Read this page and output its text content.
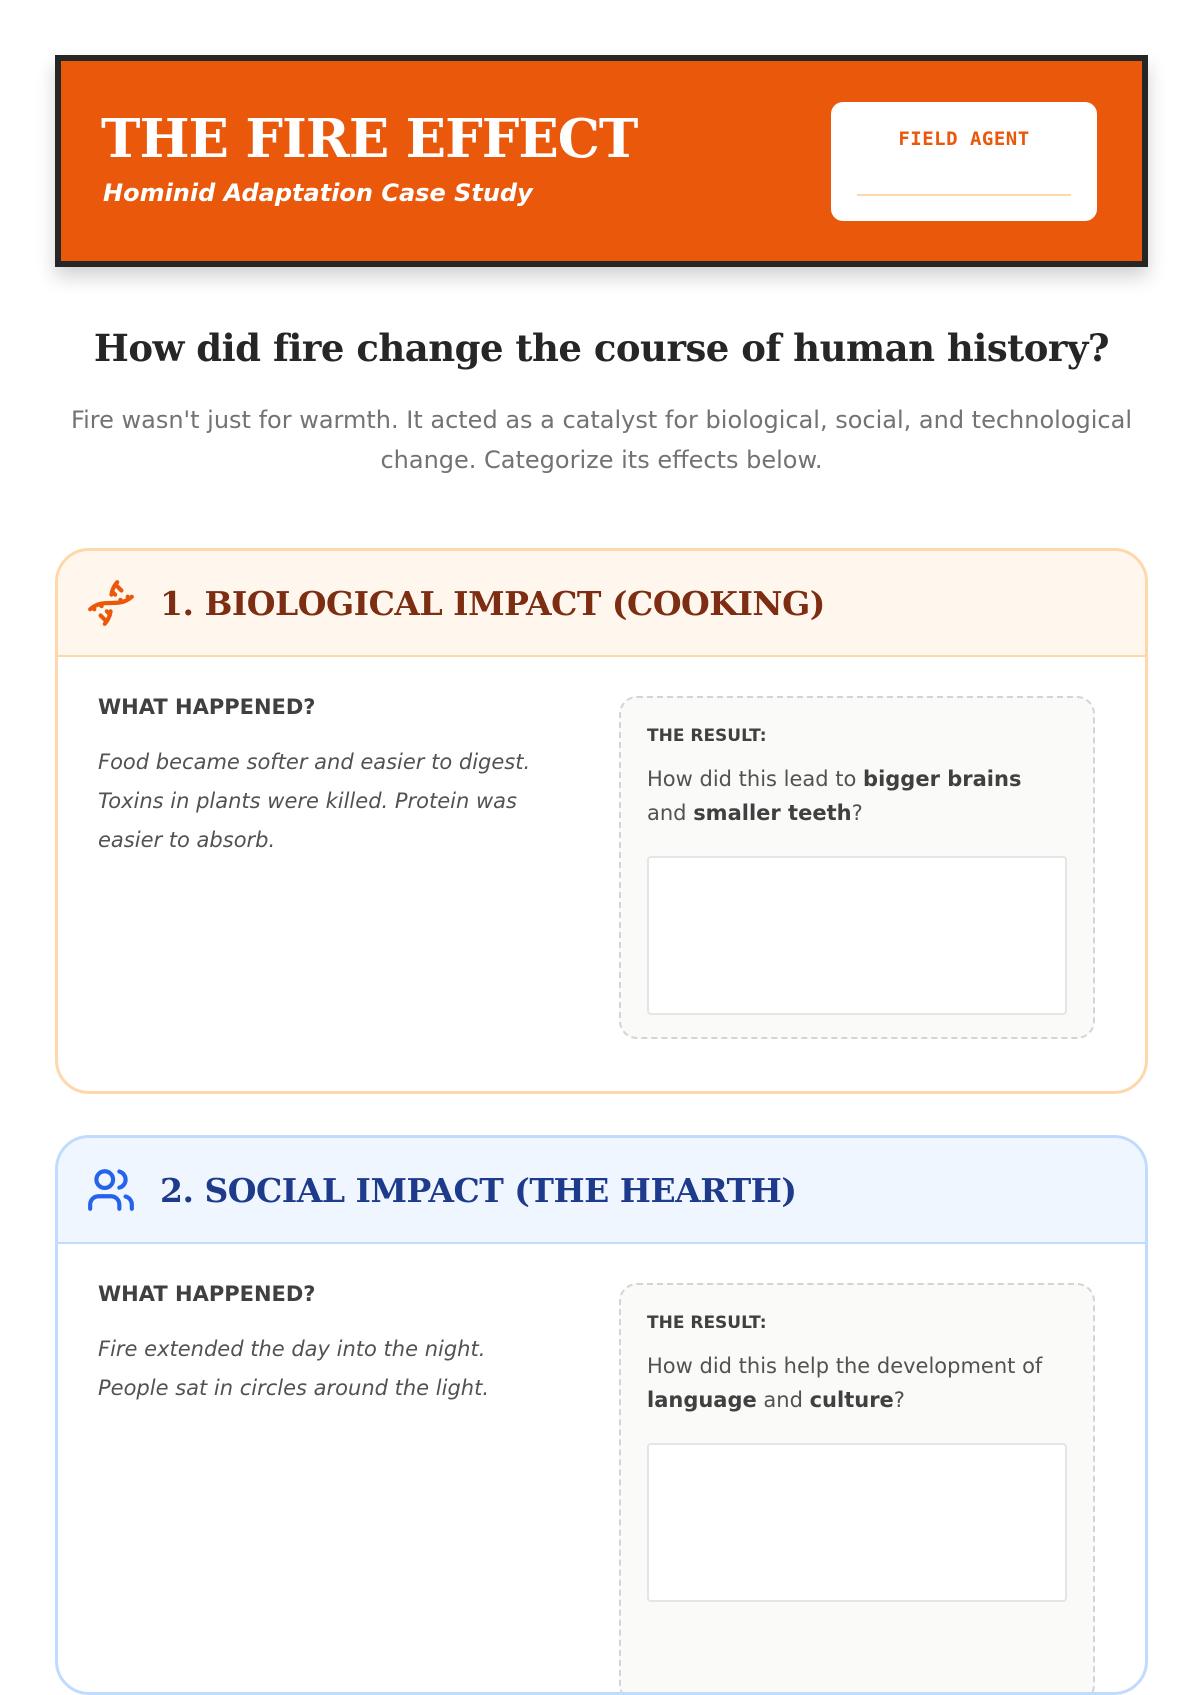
THE FIRE EFFECT

Hominid Adaptation Case Study

FIELD AGENT
How did fire change the course of human history?

Fire wasn't just for warmth. It acted as a catalyst for biological, social, and technological change. Categorize its effects below.

1. BIOLOGICAL IMPACT (COOKING)

WHAT HAPPENED?

Food became softer and easier to digest. Toxins in plants were killed. Protein was easier to absorb.

THE RESULT:

How did this lead to bigger brains and smaller teeth?

2. SOCIAL IMPACT (THE HEARTH)

WHAT HAPPENED?

Fire extended the day into the night. People sat in circles around the light.

THE RESULT:

How did this help the development of language and culture?
